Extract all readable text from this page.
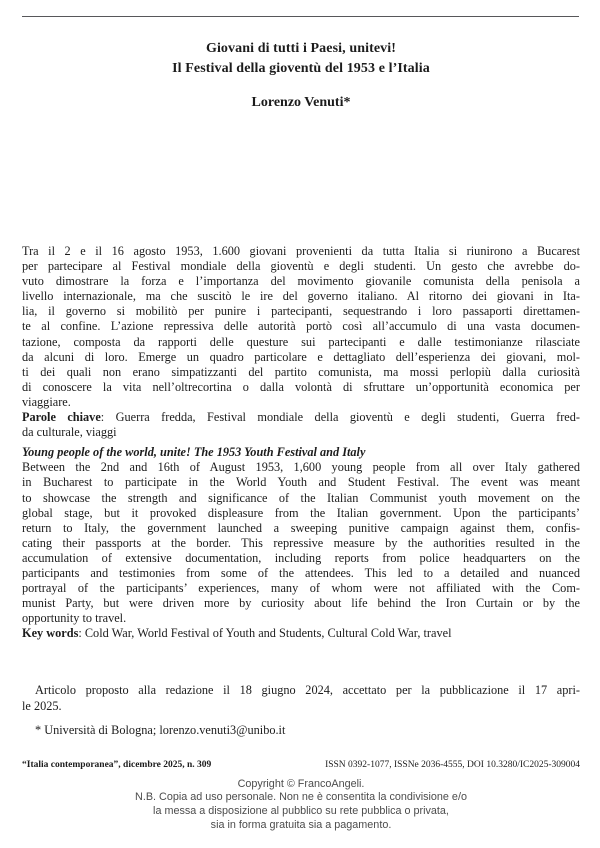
Giovani di tutti i Paesi, unitevi!
Il Festival della gioventù del 1953 e l’Italia
Lorenzo Venuti*
Tra il 2 e il 16 agosto 1953, 1.600 giovani provenienti da tutta Italia si riunirono a Bucarest
per partecipare al Festival mondiale della gioventù e degli studenti. Un gesto che avrebbe do-
vuto dimostrare la forza e l’importanza del movimento giovanile comunista della penisola a
livello internazionale, ma che suscitò le ire del governo italiano. Al ritorno dei giovani in Ita-
lia, il governo si mobilitò per punire i partecipanti, sequestrando i loro passaporti direttamen-
te al confine. L’azione repressiva delle autorità portò così all’accumulo di una vasta documen-
tazione, composta da rapporti delle questure sui partecipanti e dalle testimonianze rilasciate
da alcuni di loro. Emerge un quadro particolare e dettagliato dell’esperienza dei giovani, mol-
ti dei quali non erano simpatizzanti del partito comunista, ma mossi perlopiù dalla curiosità
di conoscere la vita nell’oltrecortina o dalla volontà di sfruttare un’opportunità economica per
viaggiare.
Parole chiave: Guerra fredda, Festival mondiale della gioventù e degli studenti, Guerra fred-
da culturale, viaggi
Young people of the world, unite! The 1953 Youth Festival and Italy
Between the 2nd and 16th of August 1953, 1,600 young people from all over Italy gathered
in Bucharest to participate in the World Youth and Student Festival. The event was meant
to showcase the strength and significance of the Italian Communist youth movement on the
global stage, but it provoked displeasure from the Italian government. Upon the participants’
return to Italy, the government launched a sweeping punitive campaign against them, confis-
cating their passports at the border. This repressive measure by the authorities resulted in the
accumulation of extensive documentation, including reports from police headquarters on the
participants and testimonies from some of the attendees. This led to a detailed and nuanced
portrayal of the participants’ experiences, many of whom were not affiliated with the Com-
munist Party, but were driven more by curiosity about life behind the Iron Curtain or by the
opportunity to travel.
Key words: Cold War, World Festival of Youth and Students, Cultural Cold War, travel
Articolo proposto alla redazione il 18 giugno 2024, accettato per la pubblicazione il 17 apri-
le 2025.
* Università di Bologna; lorenzo.venuti3@unibo.it
“Italia contemporanea”, dicembre 2025, n. 309	ISSN 0392-1077, ISSNe 2036-4555, DOI 10.3280/IC2025-309004
Copyright © FrancoAngeli.
N.B. Copia ad uso personale. Non ne è consentita la condivisione e/o
la messa a disposizione al pubblico su rete pubblica o privata,
sia in forma gratuita sia a pagamento.
